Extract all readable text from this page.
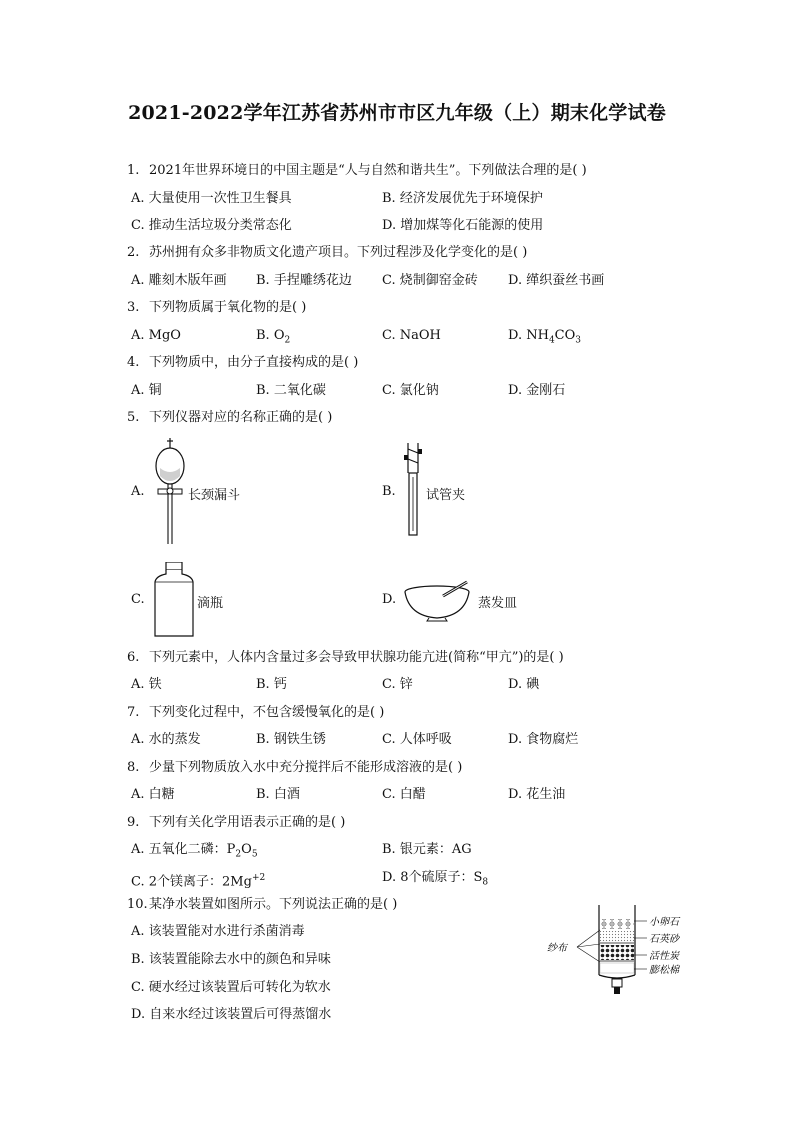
2021-2022学年江苏省苏州市市区九年级（上）期末化学试卷
1. 2021年世界环境日的中国主题是“人与自然和谐共生”。下列做法合理的是( )
A. 大量使用一次性卫生餐具	B. 经济发展优先于环境保护
C. 推动生活垃圾分类常态化	D. 增加煤等化石能源的使用
2. 苏州拥有众多非物质文化遗产项目。下列过程涉及化学变化的是( )
A. 雕刻木版年画 B. 手捏雕绣花边 C. 烧制御窑金砖 D. 缂织蚕丝书画
3. 下列物质属于氧化物的是( )
A. MgO	B. $O_2$	C. NaOH	D. $NH_4CO_3$
4. 下列物质中，由分子直接构成的是( )
A. 铜	B. 二氧化碳	C. 氯化钠	D. 金刚石
5. 下列仪器对应的名称正确的是( )
A.	长颈漏斗	B. 试管夹
C.	滴瓶	D.	蒸发皿
6. 下列元素中，人体内含量过多会导致甲状腺功能亢进(简称“甲亢”)的是( )
A. 铁	B. 钙	C. 锌	D. 碘
7. 下列变化过程中，不包含缓慢氧化的是( )
A. 水的蒸发	B. 钢铁生锈	C. 人体呼吸	D. 食物腐烂
8. 少量下列物质放入水中充分搅拌后不能形成溶液的是( )
A. 白糖	B. 白酒	C. 白醋	D. 花生油
9. 下列有关化学用语表示正确的是( )
A. 五氧化二磷：$P_2O_5$	B. 银元素：AG
C. 2个镁离子：$2Mg^{+2}$	D. 8个硫原子：$S_8$
10.某净水装置如图所示。下列说法正确的是( )
A. 该装置能对水进行杀菌消毒
B. 该装置能除去水中的颜色和异味
C. 硬水经过该装置后可转化为软水
D. 自来水经过该装置后可得蒸馏水
小卵石
石英砂
活性炭
膨松棉
纱布
